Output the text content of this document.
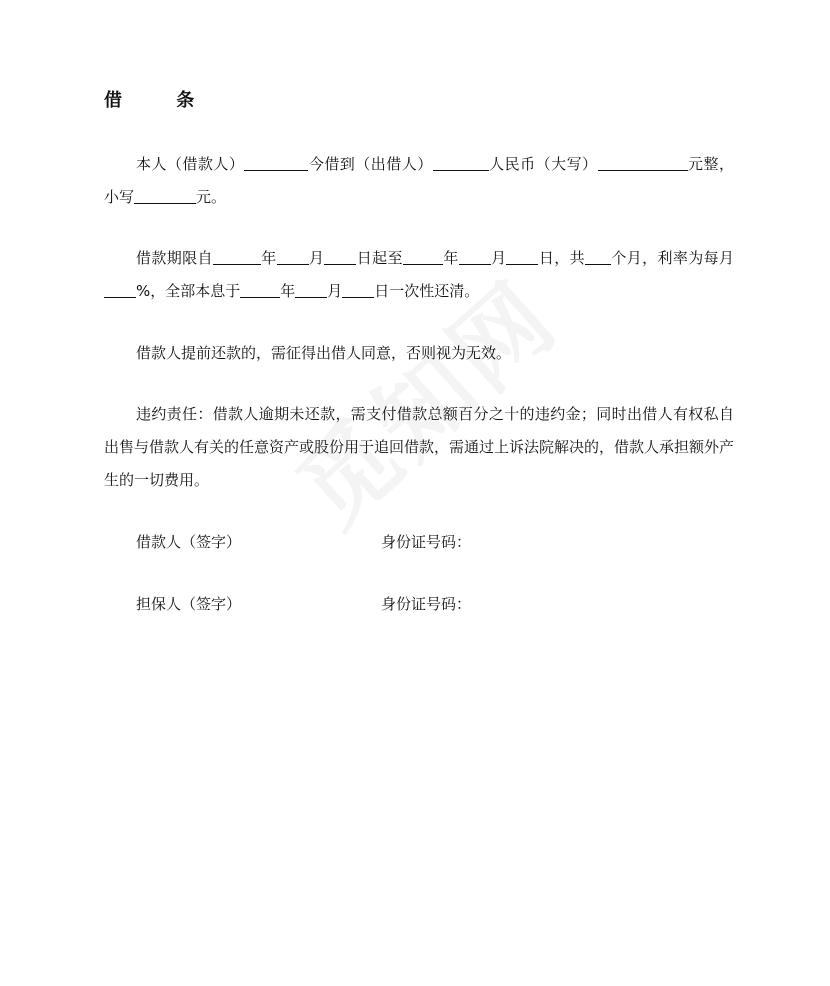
借 条

本人（借款人）	今借到（出借人）	人民币（大写）	元整，小写	元。

借款期限自	年 月 日起至	年 月 日，共 个月，利率为每月%，全部本息于	年 月 日一次性还清。

借款人提前还款的，需征得出借人同意，否则视为无效。

违约责任：借款人逾期未还款，需支付借款总额百分之十的违约金；同时出借人有权私自出售与借款人有关的任意资产或股份用于追回借款，需通过上诉法院解决的，借款人承担额外产生的一切费用。

借款人（签字）	身份证号码：
担保人（签字）	身份证号码：
